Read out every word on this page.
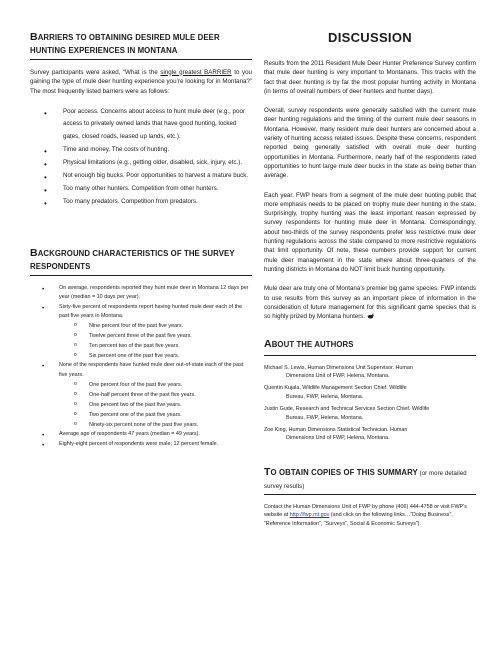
BARRIERS TO OBTAINING DESIRED MULE DEER HUNTING EXPERIENCES IN MONTANA

Survey participants were asked, “What is the single greatest BARRIER to you gaining the type of mule deer hunting experience you’re looking for in Montana?” The most frequently listed barriers were as follows:

• Poor access. Concerns about access to hunt mule deer (e.g., poor access to privately owned lands that have good hunting, locked gates, closed roads, leased up lands, etc.).
• Time and money. The costs of hunting.
• Physical limitations (e.g., getting older, disabled, sick, injury, etc.).
• Not enough big bucks. Poor opportunities to harvest a mature buck.
• Too many other hunters. Competition from other hunters.
• Too many predators. Competition from predators.
BACKGROUND CHARACTERISTICS OF THE SURVEY RESPONDENTS
• On average, respondents reported they hunt mule deer in Montana 12 days per year (median = 10 days per year).
• Sixty-five percent of respondents report having hunted mule deer each of the past five years in Montana.
o Nine percent four of the past five years.
o Twelve percent three of the past five years.
o Ten percent two of the past five years.
o Six percent one of the past five years.
• None of the respondents have hunted mule deer out-of-state each of the past five years.
o One percent four of the past five years.
o One-half percent three of the past five years.
o One percent two of the past five years.
o Two percent one of the past five years.
o Ninety-six percent none of the past five years.
• Average age of respondents 47 years (median = 49 years).
• Eighty-eight percent of respondents were male; 12 percent female.
DISCUSSION

Results from the 2011 Resident Mule Deer Hunter Preference Survey confirm that mule deer hunting is very important to Montanans. This tracks with the fact that deer hunting is by far the most popular hunting activity in Montana (in terms of overall numbers of deer hunters and hunter days).

Overall, survey respondents were generally satisfied with the current mule deer hunting regulations and the timing of the current mule deer seasons in Montana. However, many resident mule deer hunters are concerned about a variety of hunting access related issues. Despite these concerns, respondent reported being generally satisfied with overall mule deer hunting opportunities in Montana. Furthermore, nearly half of the respondents rated opportunities to hunt large mule deer bucks in the state as being better than average.

Each year, FWP hears from a segment of the mule deer hunting public that more emphasis needs to be placed on trophy mule deer hunting in the state. Surprisingly, trophy hunting was the least important reason expressed by survey respondents for hunting mule deer in Montana. Correspondingly, about two-thirds of the survey respondents prefer less restrictive mule deer hunting regulations across the state compared to more restrictive regulations that limit opportunity. Of note, these numbers provide support for current mule deer management in the state where about three-quarters of the hunting districts in Montana do NOT limit buck hunting opportunity.

Mule deer are truly one of Montana’s premier big game species. FWP intends to use results from this survey as an important piece of information in the consideration of future management for this significant game species that is so highly prized by Montana hunters.

ABOUT THE AUTHORS

Michael S. Lewis, Human Dimensions Unit Supervisor. Human
Dimensions Unit of FWP, Helena, Montana.

Quentin Kujala, Wildlife Management Section Chief. Wildlife
Bureau, FWP, Helena, Montana.

Justin Gude, Research and Technical Services Section Chief. Wildlife
Bureau, FWP, Helena, Montana.

Zoe King, Human Dimensions Statistical Technician. Human
Dimensions Unit of FWP, Helena, Montana.

TO OBTAIN COPIES OF THIS SUMMARY (or more detailed survey results)

Contact the Human Dimensions Unit of FWP by phone (406) 444-4758 or visit FWP’s website at http://fwp.mt.gov (and click on the following links…“Doing Business”, “Reference Information”, “Surveys”, Social & Economic Surveys”).
